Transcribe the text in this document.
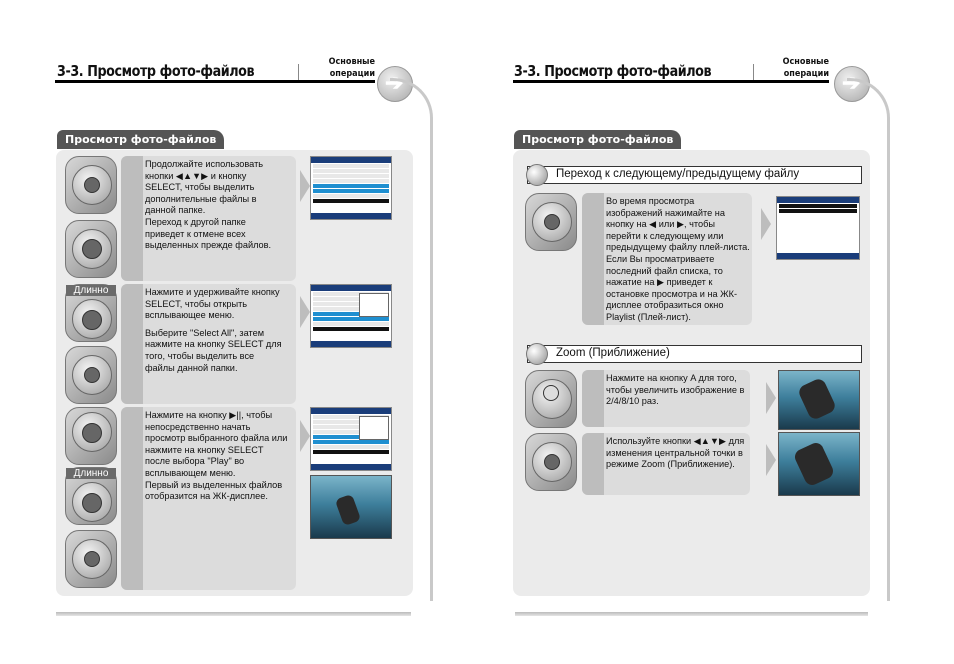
3-3. Просмотр фото-файлов	Основные
операции ➔
Просмотр фото-файлов
Продолжайте использовать
кнопки ◀▲▼▶ и кнопку
SELECT, чтобы выделить
дополнительные файлы в
данной папке.
Переход к другой папке
приведет к отмене всех
выделенных прежде файлов.
Длинно	Нажмите и удерживайте кнопку
SELECT, чтобы открыть
всплывающее меню.
Выберите "Select All", затем
нажмите на кнопку SELECT для
того, чтобы выделить все
файлы данной папки.
Длинно
Нажмите на кнопку ▶||, чтобы
непосредственно начать
просмотр выбранного файла или
нажмите на кнопку SELECT
после выбора "Play" во
всплывающем меню.
Первый из выделенных файлов
отобразится на ЖК-дисплее.
3-3. Просмотр фото-файлов	Основные
операции ➔
Просмотр фото-файлов
Переход к следующему/предыдущему файлу
Во время просмотра
изображений нажимайте на
кнопку на ◀ или ▶, чтобы
перейти к следующему или
предыдущему файлу плей-листа.
Если Вы просматриваете
последний файл списка, то
нажатие на ▶ приведет к
остановке просмотра и на ЖК-
дисплее отобразиться окно
Playlist (Плей-лист).
Zoom (Приближение)
Нажмите на кнопку A для того,
чтобы увеличить изображение в
2/4/8/10 раз.
Используйте кнопки ◀▲▼▶ для
изменения центральной точки в
режиме Zoom (Приближение).
